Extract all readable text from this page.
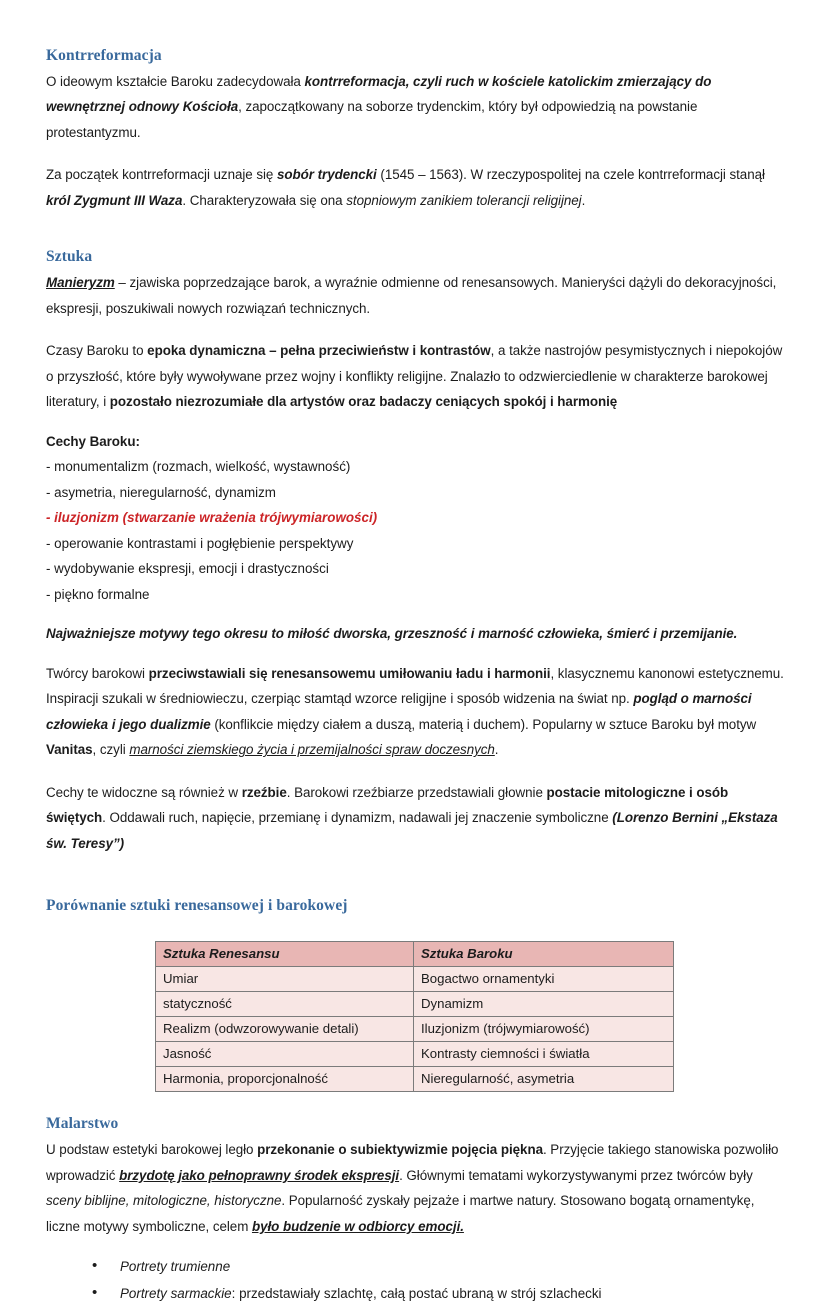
Kontrreformacja

O ideowym kształcie Baroku zadecydowała kontrreformacja, czyli ruch w kościele katolickim zmierzający do wewnętrznej odnowy Kościoła, zapoczątkowany na soborze trydenckim, który był odpowiedzią na powstanie protestantyzmu.

Za początek kontrreformacji uznaje się sobór trydencki (1545 – 1563). W rzeczypospolitej na czele kontrreformacji stanął król Zygmunt III Waza. Charakteryzowała się ona stopniowym zanikiem tolerancji religijnej.

Sztuka

Manieryzm – zjawiska poprzedzające barok, a wyraźnie odmienne od renesansowych. Manieryści dążyli do dekoracyjności, ekspresji, poszukiwali nowych rozwiązań technicznych.

Czasy Baroku to epoka dynamiczna – pełna przeciwieństw i kontrastów, a także nastrojów pesymistycznych i niepokojów o przyszłość, które były wywoływane przez wojny i konflikty religijne. Znalazło to odzwierciedlenie w charakterze barokowej literatury, i pozostało niezrozumiałe dla artystów oraz badaczy ceniących spokój i harmonię

Cechy Baroku:

- monumentalizm (rozmach, wielkość, wystawność)
- asymetria, nieregularność, dynamizm
- iluzjonizm (stwarzanie wrażenia trójwymiarowości)
- operowanie kontrastami i pogłębienie perspektywy
- wydobywanie ekspresji, emocji i drastyczności
- piękno formalne

Najważniejsze motywy tego okresu to miłość dworska, grzeszność i marność człowieka, śmierć i przemijanie.

Twórcy barokowi przeciwstawiali się renesansowemu umiłowaniu ładu i harmonii, klasycznemu kanonowi estetycznemu. Inspiracji szukali w średniowieczu, czerpiąc stamtąd wzorce religijne i sposób widzenia na świat np. pogląd o marności człowieka i jego dualizmie (konflikcie między ciałem a duszą, materią i duchem). Popularny w sztuce Baroku był motyw Vanitas, czyli marności ziemskiego życia i przemijalności spraw doczesnych.

Cechy te widoczne są również w rzeźbie. Barokowi rzeźbiarze przedstawiali głownie postacie mitologiczne i osób świętych. Oddawali ruch, napięcie, przemianę i dynamizm, nadawali jej znaczenie symboliczne (Lorenzo Bernini „Ekstaza św. Teresy”)

Porównanie sztuki renesansowej i barokowej
Sztuka Renesansu	Sztuka Baroku
Umiar	Bogactwo ornamentyki
statyczność	Dynamizm
Realizm (odwzorowywanie detali)	Iluzjonizm (trójwymiarowość)
Jasność	Kontrasty ciemności i światła
Harmonia, proporcjonalność	Nieregularność, asymetria
Malarstwo

U podstaw estetyki barokowej legło przekonanie o subiektywizmie pojęcia piękna. Przyjęcie takiego stanowiska pozwoliło wprowadzić brzydotę jako pełnoprawny środek ekspresji. Głównymi tematami wykorzystywanymi przez twórców były sceny biblijne, mitologiczne, historyczne. Popularność zyskały pejzaże i martwe natury. Stosowano bogatą ornamentykę, liczne motywy symboliczne, celem było budzenie w odbiorcy emocji.

• Portrety trumienne
• Portrety sarmackie: przedstawiały szlachtę, całą postać ubraną w strój szlachecki
